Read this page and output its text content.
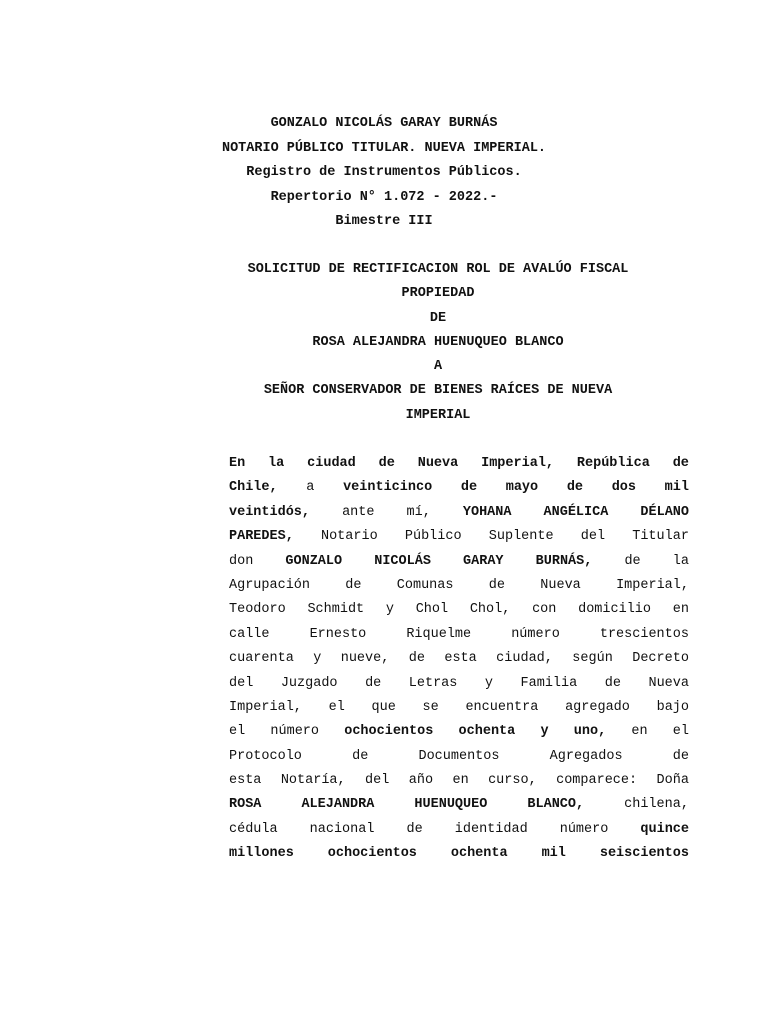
GONZALO NICOLÁS GARAY BURNÁS
NOTARIO PÚBLICO TITULAR. NUEVA IMPERIAL.
Registro de Instrumentos Públicos.
Repertorio N° 1.072 - 2022.-
Bimestre III
SOLICITUD DE RECTIFICACION ROL DE AVALÚO FISCAL
PROPIEDAD
DE
ROSA ALEJANDRA HUENUQUEO BLANCO
A
SEÑOR CONSERVADOR DE BIENES RAÍCES DE NUEVA
IMPERIAL
En la ciudad de Nueva Imperial, República de
Chile, a veinticinco de mayo de dos mil
veintidós, ante mí, YOHANA ANGÉLICA DÉLANO
PAREDES, Notario Público Suplente del Titular
don GONZALO NICOLÁS GARAY BURNÁS, de la
Agrupación	de	Comunas	de	Nueva	Imperial,
Teodoro Schmidt y Chol Chol, con domicilio en
calle	Ernesto	Riquelme	número	trescientos
cuarenta y nueve, de esta ciudad, según Decreto
del Juzgado de Letras y Familia de Nueva
Imperial, el que se encuentra agregado bajo
el número ochocientos ochenta y uno, en el
Protocolo	de	Documentos	Agregados	de
esta Notaría, del año en curso, comparece: Doña
ROSA	ALEJANDRA	HUENUQUEO	BLANCO,	chilena,
cédula nacional de identidad número quince
millones	ochocientos	ochenta	mil	seiscientos
